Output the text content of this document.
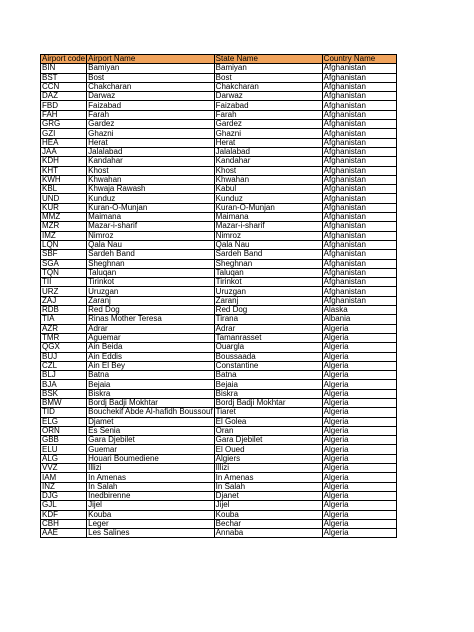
Airport code	Airport Name	State Name	Country Name
BIN	Bamiyan	Bamiyan	Afghanistan
BST	Bost	Bost	Afghanistan
CCN	Chakcharan	Chakcharan	Afghanistan
DAZ	Darwaz	Darwaz	Afghanistan
FBD	Faizabad	Faizabad	Afghanistan
FAH	Farah	Farah	Afghanistan
GRG	Gardez	Gardez	Afghanistan
GZI	Ghazni	Ghazni	Afghanistan
HEA	Herat	Herat	Afghanistan
JAA	Jalalabad	Jalalabad	Afghanistan
KDH	Kandahar	Kandahar	Afghanistan
KHT	Khost	Khost	Afghanistan
KWH	Khwahan	Khwahan	Afghanistan
KBL	Khwaja Rawash	Kabul	Afghanistan
UND	Kunduz	Kunduz	Afghanistan
KUR	Kuran-O-Munjan	Kuran-O-Munjan	Afghanistan
MMZ	Maimana	Maimana	Afghanistan
MZR	Mazar-i-sharif	Mazar-i-sharif	Afghanistan
IMZ	Nimroz	Nimroz	Afghanistan
LQN	Qala Nau	Qala Nau	Afghanistan
SBF	Sardeh Band	Sardeh Band	Afghanistan
SGA	Sheghnan	Sheghnan	Afghanistan
TQN	Taluqan	Taluqan	Afghanistan
TII	Tirinkot	Tirinkot	Afghanistan
URZ	Uruzgan	Uruzgan	Afghanistan
ZAJ	Zaranj	Zaranj	Afghanistan
RDB	Red Dog	Red Dog	Alaska
TIA	Rinas Mother Teresa	Tirana	Albania
AZR	Adrar	Adrar	Algeria
TMR	Aguemar	Tamanrasset	Algeria
QGX	Ain Beida	Ouargla	Algeria
BUJ	Ain Eddis	Boussaada	Algeria
CZL	Ain El Bey	Constantine	Algeria
BLJ	Batna	Batna	Algeria
BJA	Bejaia	Bejaia	Algeria
BSK	Biskra	Biskra	Algeria
BMW	Bordj Badji Mokhtar	Bordj Badji Mokhtar	Algeria
TID	Bouchekif Abde Al-hafidh Boussouf	Tiaret	Algeria
ELG	Djamet	El Golea	Algeria
ORN	Es Senia	Oran	Algeria
GBB	Gara Djebilet	Gara Djebilet	Algeria
ELU	Guemar	El Oued	Algeria
ALG	Houari Boumediene	Algiers	Algeria
VVZ	Illizi	Illizi	Algeria
IAM	In Amenas	In Amenas	Algeria
INZ	In Salah	In Salah	Algeria
DJG	Inedbirenne	Djanet	Algeria
GJL	Jijel	Jijel	Algeria
KDF	Kouba	Kouba	Algeria
CBH	Leger	Bechar	Algeria
AAE	Les Salines	Annaba	Algeria
